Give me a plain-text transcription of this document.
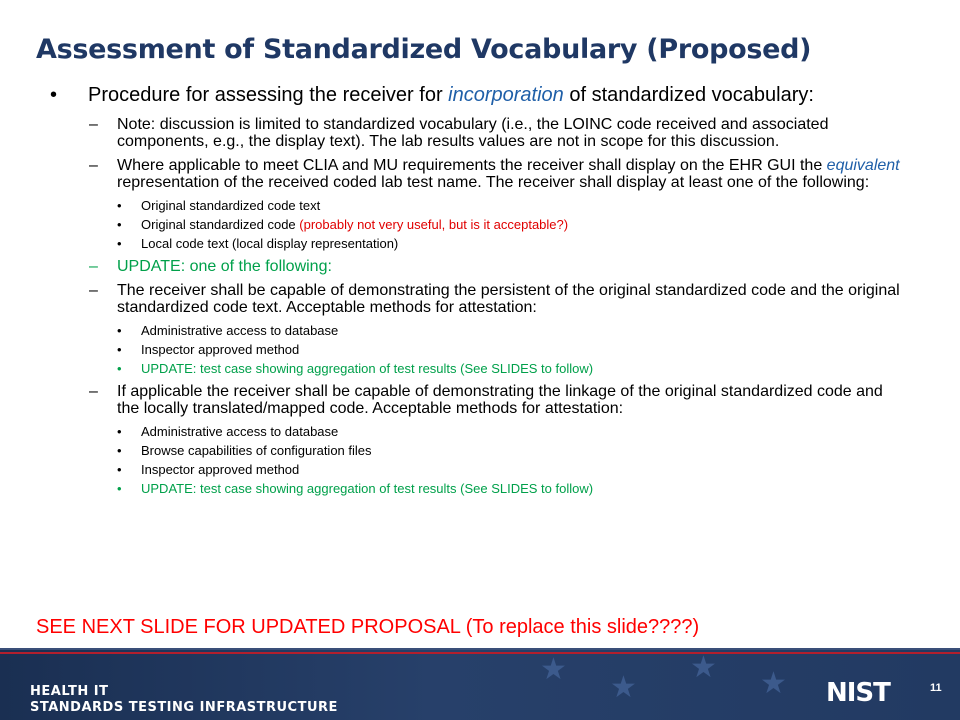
Assessment of Standardized Vocabulary (Proposed)
• Procedure for assessing the receiver for incorporation of standardized vocabulary:
– Note: discussion is limited to standardized vocabulary (i.e., the LOINC code received and associated components, e.g., the display text). The lab results values are not in scope for this discussion.
– Where applicable to meet CLIA and MU requirements the receiver shall display on the EHR GUI the equivalent representation of the received coded lab test name. The receiver shall display at least one of the following:
• Original standardized code text
• Original standardized code (probably not very useful, but is it acceptable?)
• Local code text (local display representation)
– UPDATE: one of the following:
– The receiver shall be capable of demonstrating the persistent of the original standardized code and the original standardized code text. Acceptable methods for attestation:
• Administrative access to database
• Inspector approved method
• UPDATE: test case showing aggregation of test results (See SLIDES to follow)
– If applicable the receiver shall be capable of demonstrating the linkage of the original standardized code and the locally translated/mapped code. Acceptable methods for attestation:
• Administrative access to database
• Browse capabilities of configuration files
• Inspector approved method
• UPDATE: test case showing aggregation of test results (See SLIDES to follow)
SEE NEXT SLIDE FOR UPDATED PROPOSAL (To replace this slide????)
★
★
★ ★
HEALTH IT
STANDARDS TESTING INFRASTRUCTURE	NIST	11
